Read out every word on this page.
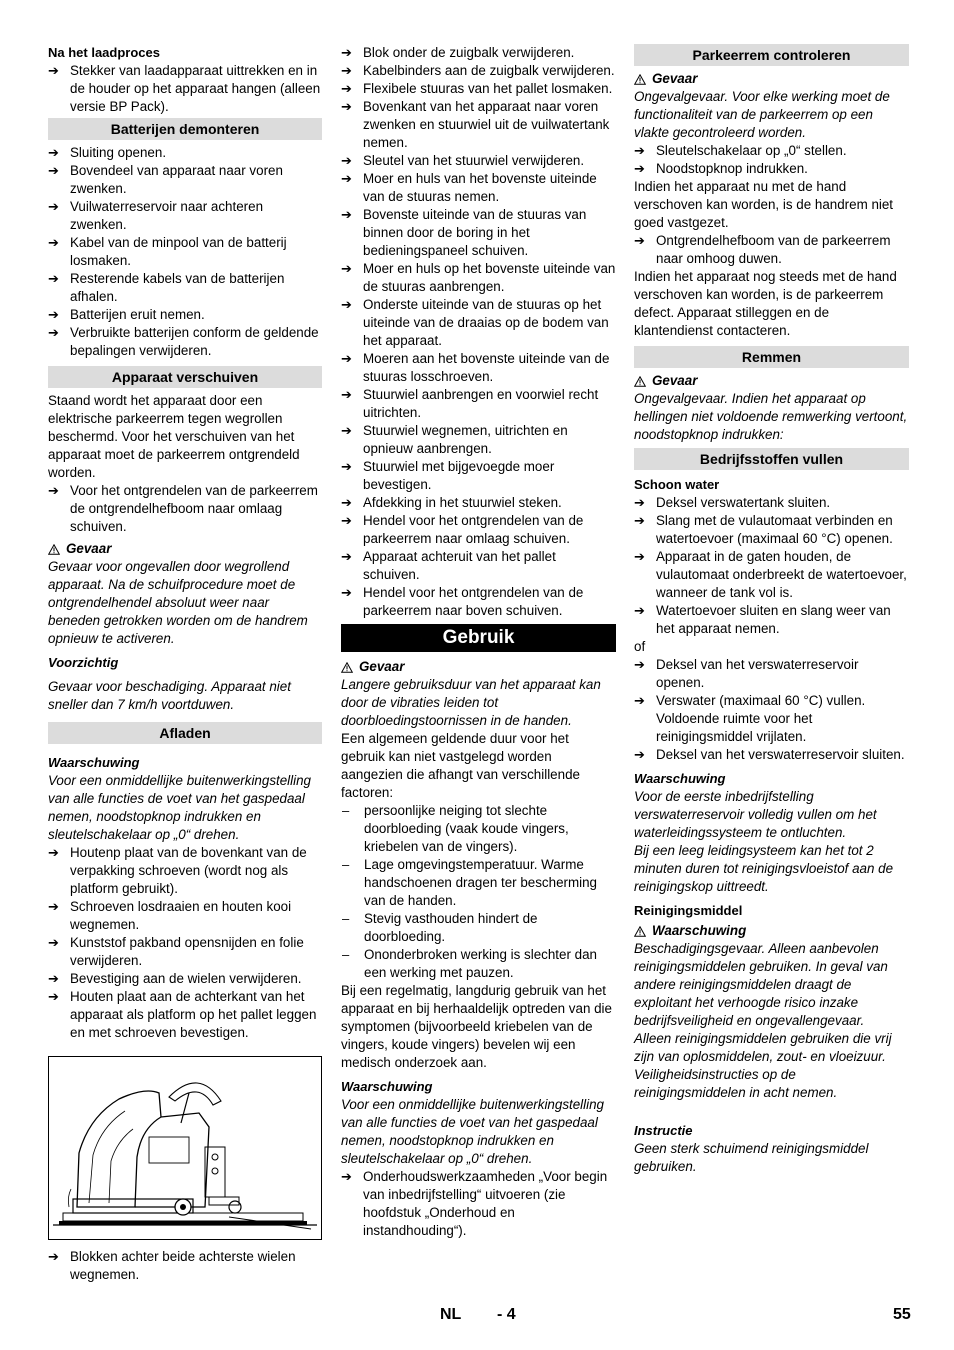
Na het laadproces
➔ Stekker van laadapparaat uittrekken en in de houder op het apparaat hangen (alleen versie BP Pack).
Batterijen demonteren
➔ Sluiting openen.
➔ Bovendeel van apparaat naar voren zwenken.
➔ Vuilwaterreservoir naar achteren zwenken.
➔ Kabel van de minpool van de batterij losmaken.
➔ Resterende kabels van de batterijen afhalen.
➔ Batterijen eruit nemen.
➔ Verbruikte batterijen conform de geldende bepalingen verwijderen.
Apparaat verschuiven

Staand wordt het apparaat door een elektrische parkeerrem tegen wegrollen beschermd. Voor het verschuiven van het apparaat moet de parkeerrem ontgrendeld worden.

➔ Voor het ontgrendelen van de parkeerrem de ontgrendelhefboom naar omlaag schuiven.
Gevaar

Gevaar voor ongevallen door wegrollend apparaat. Na de schuifprocedure moet de ontgrendelhendel absoluut weer naar beneden getrokken worden om de handrem opnieuw te activeren.

Voorzichtig

Gevaar voor beschadiging. Apparaat niet sneller dan 7 km/h voortduwen.

Afladen
Waarschuwing

Voor een onmiddellijke buitenwerkingstelling van alle functies de voet van het gaspedaal nemen, noodstopknop indrukken en sleutelschakelaar op „0“ drehen.

➔ Houtenp plaat van de bovenkant van de verpakking schroeven (wordt nog als platform gebruikt).
➔ Schroeven losdraaien en houten kooi wegnemen.
➔ Kunststof pakband opensnijden en folie verwijderen.
➔ Bevestiging aan de wielen verwijderen.
➔ Houten plaat aan de achterkant van het apparaat als platform op het pallet leggen en met schroeven bevestigen.
➔ Blokken achter beide achterste wielen wegnemen.
➔ Blok onder de zuigbalk verwijderen.
➔ Kabelbinders aan de zuigbalk verwijderen.
➔ Flexibele stuuras van het pallet losmaken.
➔ Bovenkant van het apparaat naar voren zwenken en stuurwiel uit de vuilwatertank nemen.
➔ Sleutel van het stuurwiel verwijderen.
➔ Moer en huls van het bovenste uiteinde van de stuuras nemen.
➔ Bovenste uiteinde van de stuuras van binnen door de boring in het bedieningspaneel schuiven.
➔ Moer en huls op het bovenste uiteinde van de stuuras aanbrengen.
➔ Onderste uiteinde van de stuuras op het uiteinde van de draaias op de bodem van het apparaat.
➔ Moeren aan het bovenste uiteinde van de stuuras losschroeven.
➔ Stuurwiel aanbrengen en voorwiel recht uitrichten.
➔ Stuurwiel wegnemen, uitrichten en opnieuw aanbrengen.
➔ Stuurwiel met bijgevoegde moer bevestigen.
➔ Afdekking in het stuurwiel steken.
➔ Hendel voor het ontgrendelen van de parkeerrem naar omlaag schuiven.
➔ Apparaat achteruit van het pallet schuiven.
➔ Hendel voor het ontgrendelen van de parkeerrem naar boven schuiven.
Gebruik
Gevaar

Langere gebruiksduur van het apparaat kan door de vibraties leiden tot doorbloedingstoornissen in de handen.

Een algemeen geldende duur voor het gebruik kan niet vastgelegd worden aangezien die afhangt van verschillende factoren:

–	persoonlijke neiging tot slechte doorbloeding (vaak koude vingers, kriebelen van de vingers).
–	Lage omgevingstemperatuur. Warme handschoenen dragen ter bescherming van de handen.
–	Stevig vasthouden hindert de doorbloeding.
–	Ononderbroken werking is slechter dan een werking met pauzen.

Bij een regelmatig, langdurig gebruik van het apparaat en bij herhaaldelijk optreden van die symptomen (bijvoorbeeld kriebelen van de vingers, koude vingers) bevelen wij een medisch onderzoek aan.

Waarschuwing

Voor een onmiddellijke buitenwerkingstelling van alle functies de voet van het gaspedaal nemen, noodstopknop indrukken en sleutelschakelaar op „0“ drehen.

➔ Onderhoudswerkzaamheden „Voor begin van inbedrijfstelling“ uitvoeren (zie hoofdstuk „Onderhoud en instandhouding“).
Parkeerrem controleren
Gevaar

Ongevalgevaar. Voor elke werking moet de functionaliteit van de parkeerrem op een vlakte gecontroleerd worden.

➔ Sleutelschakelaar op „0“ stellen.
➔ Noodstopknop indrukken.

Indien het apparaat nu met de hand verschoven kan worden, is de handrem niet goed vastgezet.

➔ Ontgrendelhefboom van de parkeerrem naar omhoog duwen.

Indien het apparaat nog steeds met de hand verschoven kan worden, is de parkeerrem defect. Apparaat stilleggen en de klantendienst contacteren.

Remmen
Gevaar

Ongevalgevaar. Indien het apparaat op hellingen niet voldoende remwerking vertoont, noodstopknop indrukken:

Bedrijfsstoffen vullen
Schoon water
➔ Deksel verswatertank sluiten.
➔ Slang met de vulautomaat verbinden en watertoevoer (maximaal 60 °C) openen.
➔ Apparaat in de gaten houden, de vulautomaat onderbreekt de watertoevoer, wanneer de tank vol is.
➔ Watertoevoer sluiten en slang weer van het apparaat nemen.

of

➔ Deksel van het verswaterreservoir openen.
➔ Verswater (maximaal 60 °C) vullen. Voldoende ruimte voor het reinigingsmiddel vrijlaten.
➔ Deksel van het verswaterreservoir sluiten.
Waarschuwing

Voor de eerste inbedrijfstelling verswaterreservoir volledig vullen om het waterleidingssysteem te ontluchten.

Bij een leeg leidingsysteem kan het tot 2 minuten duren tot reinigingsvloeistof aan de reinigingskop uittreedt.

Reinigingsmiddel
Waarschuwing

Beschadigingsgevaar. Alleen aanbevolen reinigingsmiddelen gebruiken. In geval van andere reinigingsmiddelen draagt de exploitant het verhoogde risico inzake bedrijfsveiligheid en ongevallengevaar.

Alleen reinigingsmiddelen gebruiken die vrij zijn van oplosmiddelen, zout- en vloeizuur.

Veiligheidsinstructies op de reinigingsmiddelen in acht nemen.

Instructie

Geen sterk schuimend reinigingsmiddel gebruiken.

NL - 4	55
